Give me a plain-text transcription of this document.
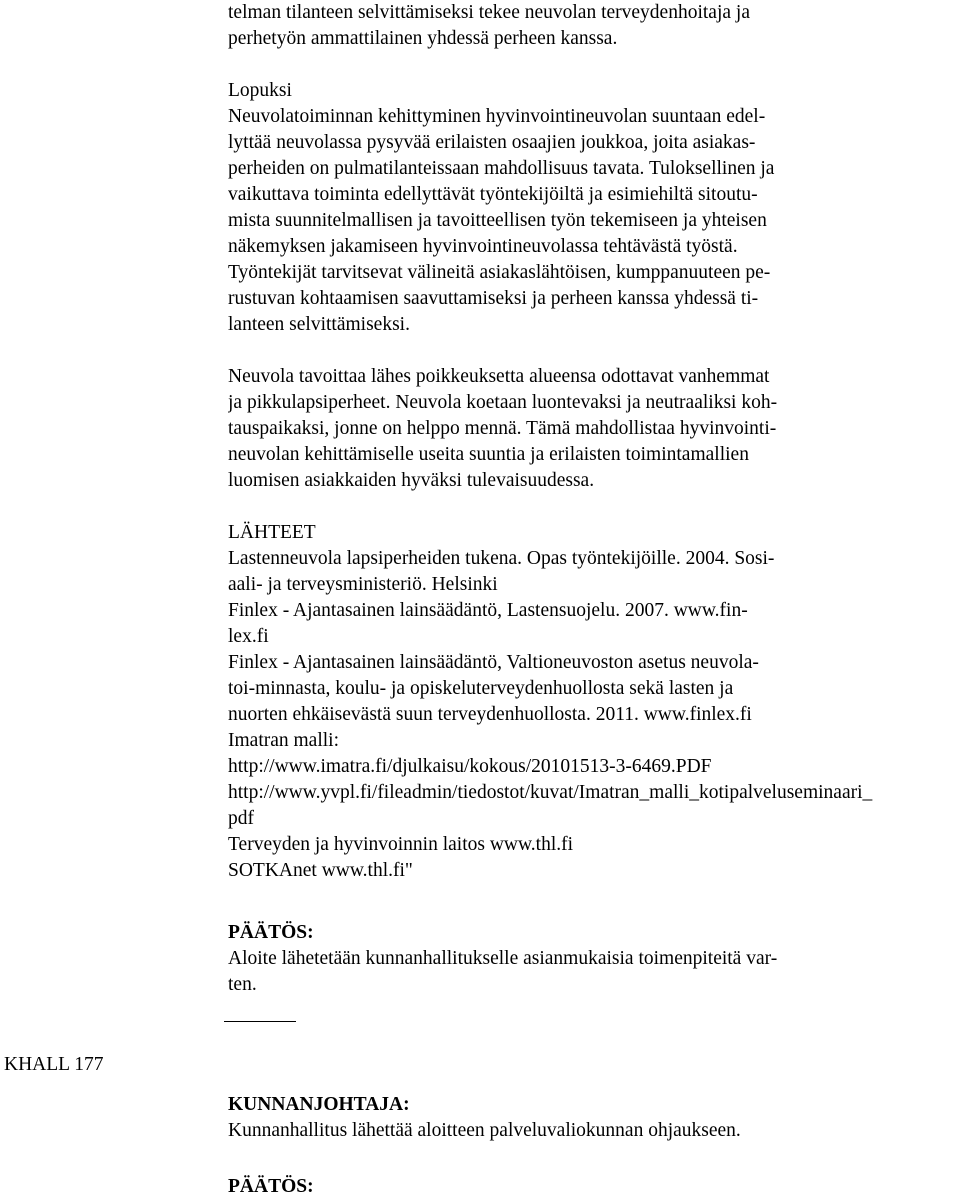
telman tilanteen selvittämiseksi tekee neuvolan terveydenhoitaja ja
perhetyön ammattilainen yhdessä perheen kanssa.
Lopuksi
Neuvolatoiminnan kehittyminen hyvinvointineuvolan suuntaan edel-
lyttää neuvolassa pysyvää erilaisten osaajien joukkoa, joita asiakas-
perheiden on pulmatilanteissaan mahdollisuus tavata. Tuloksellinen ja
vaikuttava toiminta edellyttävät työntekijöiltä ja esimiehiltä sitoutu-
mista suunnitelmallisen ja tavoitteellisen työn tekemiseen ja yhteisen
näkemyksen jakamiseen hyvinvointineuvolassa tehtävästä työstä.
Työntekijät tarvitsevat välineitä asiakaslähtöisen, kumppanuuteen pe-
rustuvan kohtaamisen saavuttamiseksi ja perheen kanssa yhdessä ti-
lanteen selvittämiseksi.
Neuvola tavoittaa lähes poikkeuksetta alueensa odottavat vanhemmat
ja pikkulapsiperheet. Neuvola koetaan luontevaksi ja neutraaliksi koh-
tauspaikaksi, jonne on helppo mennä. Tämä mahdollistaa hyvinvointi-
neuvolan kehittämiselle useita suuntia ja erilaisten toimintamallien
luomisen asiakkaiden hyväksi tulevaisuudessa.
LÄHTEET
Lastenneuvola lapsiperheiden tukena. Opas työntekijöille. 2004. Sosi-
aali- ja terveysministeriö. Helsinki
Finlex - Ajantasainen lainsäädäntö, Lastensuojelu. 2007. www.fin-
lex.fi
Finlex - Ajantasainen lainsäädäntö, Valtioneuvoston asetus neuvola-
toi-minnasta, koulu- ja opiskeluterveydenhuollosta sekä lasten ja
nuorten ehkäisevästä suun terveydenhuollosta. 2011. www.finlex.fi
Imatran malli:
http://www.imatra.fi/djulkaisu/kokous/20101513-3-6469.PDF
http://www.yvpl.fi/fileadmin/tiedostot/kuvat/Imatran_malli_kotipalveluseminaari_
pdf
Terveyden ja hyvinvoinnin laitos www.thl.fi
SOTKAnet www.thl.fi"
PÄÄTÖS:
Aloite lähetetään kunnanhallitukselle asianmukaisia toimenpiteitä var-
ten.
KUNNANJOHTAJA:
Kunnanhallitus lähettää aloitteen palveluvaliokunnan ohjaukseen.
PÄÄTÖS:
KHALL 177
